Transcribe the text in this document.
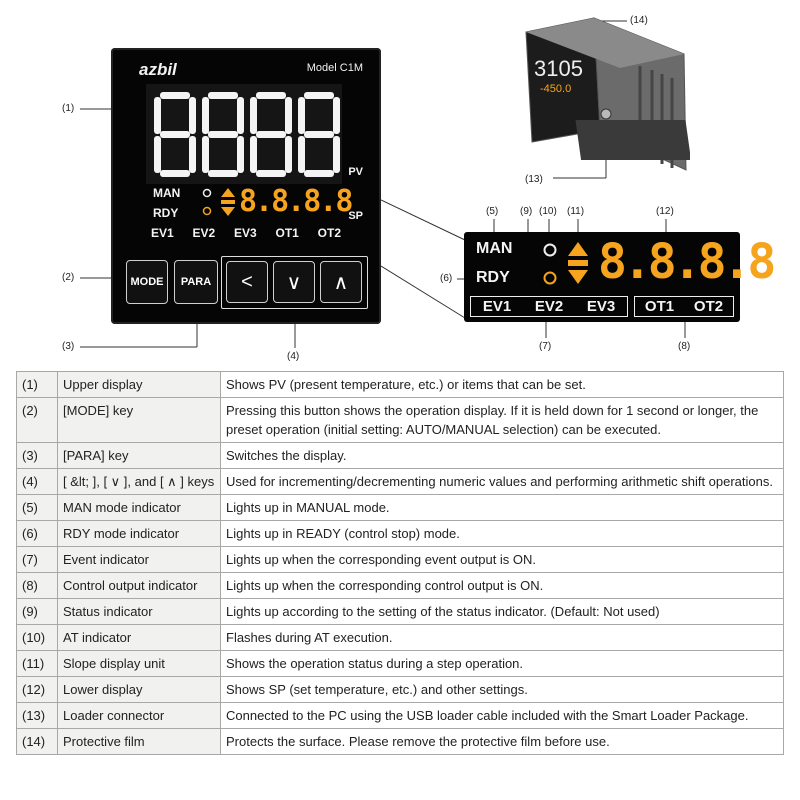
(1)
(2)
(3)
(4)
(5)
(6)
(7)	(8)
(9) (10) (11)	(12)
(13)
(14)
3105
-450.0
azbil	Model C1M
PV
SP
MAN
RDY 8.8.8.8
EV1 EV2 EV3 OT1 OT2
MODE	PARA	<	∨	∧
MAN
RDY 8.8.8.8
EV1 EV2 EV3 OT1 OT2
(1)	Upper display	Shows PV (present temperature, etc.) or items that can be set.
(2)	[MODE] key	Pressing this button shows the operation display. If it is held down for 1 second or longer, the preset operation (initial setting: AUTO/MANUAL selection) can be executed.
(3)	[PARA] key	Switches the display.
(4)	[ &lt; ], [ ∨ ], and [ ∧ ] keys	Used for incrementing/decrementing numeric values and performing arithmetic shift operations.
(5)	MAN mode indicator	Lights up in MANUAL mode.
(6)	RDY mode indicator	Lights up in READY (control stop) mode.
(7)	Event indicator	Lights up when the corresponding event output is ON.
(8)	Control output indicator	Lights up when the corresponding control output is ON.
(9)	Status indicator	Lights up according to the setting of the status indicator. (Default: Not used)
(10)	AT indicator	Flashes during AT execution.
(11)	Slope display unit	Shows the operation status during a step operation.
(12)	Lower display	Shows SP (set temperature, etc.) and other settings.
(13)	Loader connector	Connected to the PC using the USB loader cable included with the Smart Loader Package.
(14)	Protective film	Protects the surface. Please remove the protective film before use.
